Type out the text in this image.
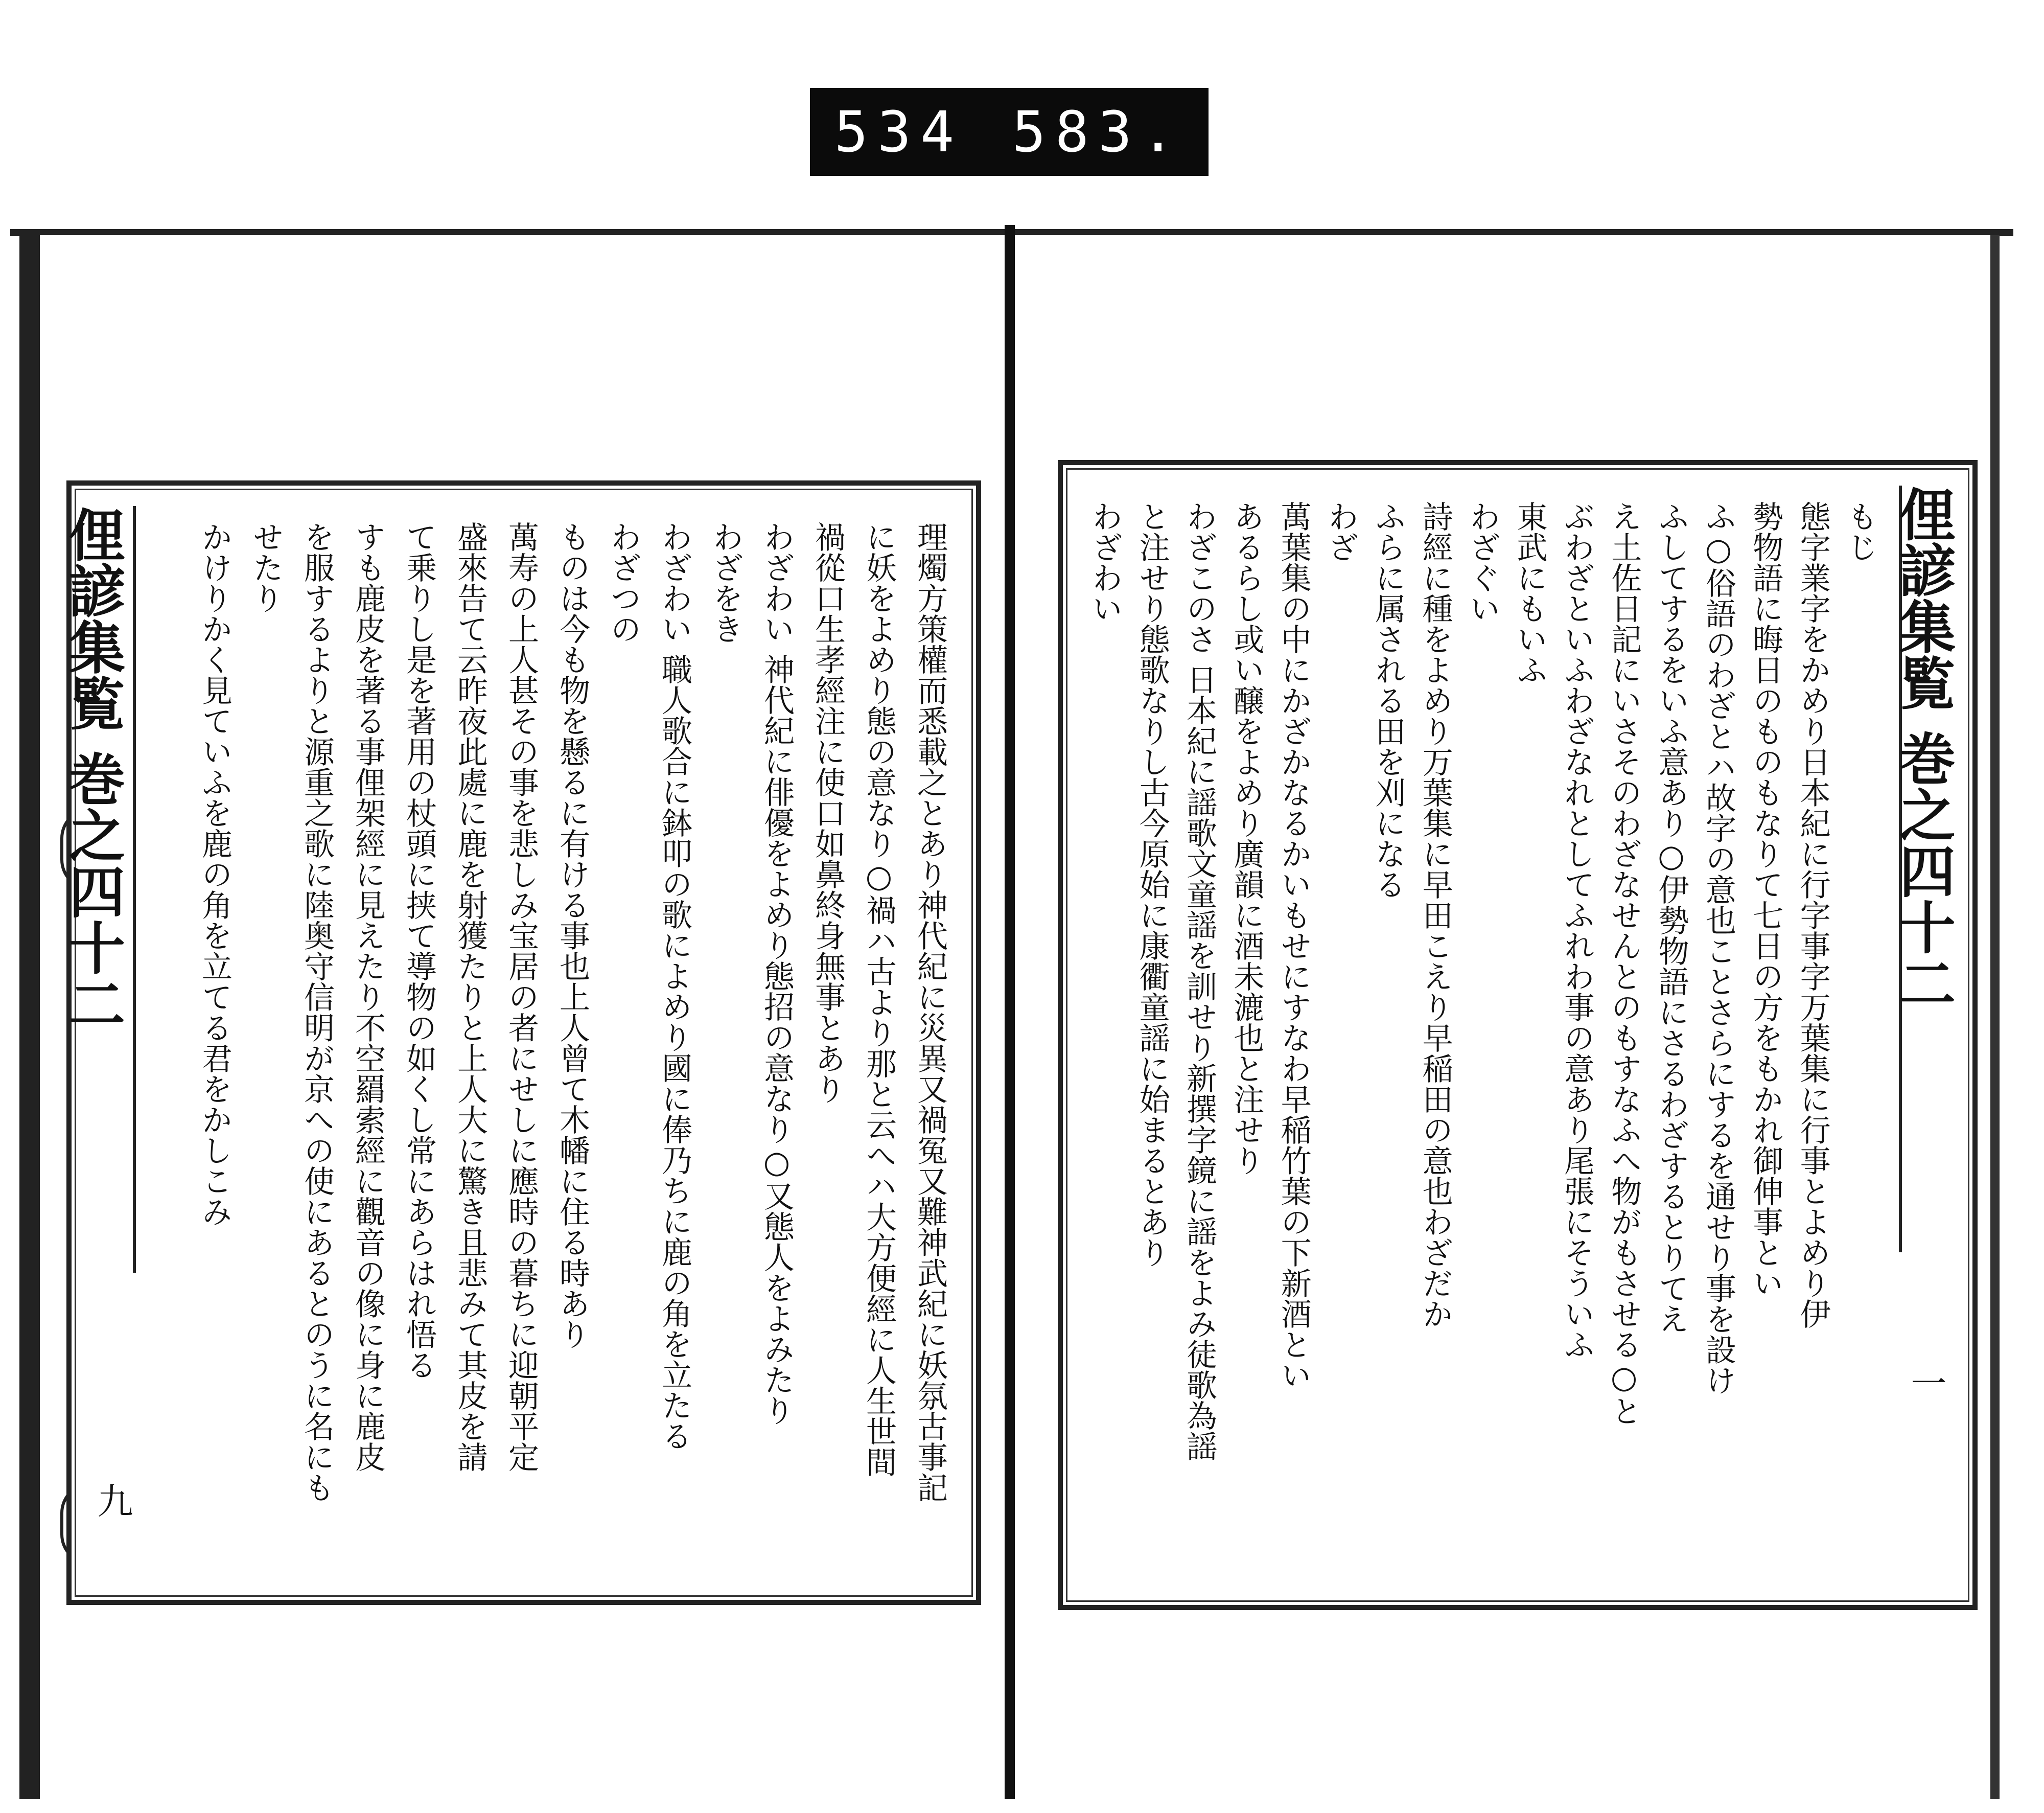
534 583.
俚諺集覧 巻之四十二
一
もじ
態字業字をかめり日本紀に行字事字万葉集に行事とよめり伊
勢物語に晦日のものもなりて七日の方をもかれ御伸事とい
ふ○俗語のわざとハ故字の意也ことさらにするを通せり事を設け
ふしてするをいふ意あり○伊勢物語にさるわざするとりてえ
え土佐日記にいさそのわざなせんとのもすなふへ物がもさせる○と
ぶわざといふわざなれとしてふれわ事の意あり尾張にそういふ
東武にもいふ
わざぐい
詩經に種をよめり万葉集に早田こえり早稲田の意也わざだか
ふらに属される田を刈になる
わざ
萬葉集の中にかざかなるかいもせにすなわ早稲竹葉の下新酒とい
あるらし或い醸をよめり廣韻に酒未漉也と注せり
わざこのさ 日本紀に謡歌文童謡を訓せり新撰字鏡に謡をよみ徒歌為謡
と注せり態歌なりし古今原始に康衢童謡に始まるとあり
わざわい
俚諺集覧 巻之四十二
九	理燭方策權而悉載之とあり神代紀に災異又禍冤又難神武紀に妖氛古事記
に妖をよめり態の意なり○禍ハ古より那と云へハ大方便經に人生世間
禍從口生孝經注に使口如鼻終身無事とあり
わざわい 神代紀に俳優をよめり態招の意なり○又態人をよみたり
わざをき
わざわい 職人歌合に鉢叩の歌によめり國に俸乃ちに鹿の角を立たる
わざつの
ものは今も物を懸るに有ける事也上人曾て木幡に住る時あり
萬寿の上人甚その事を悲しみ宝居の者にせしに應時の暮ちに迎朝平定
盛來告て云昨夜此處に鹿を射獲たりと上人大に驚き且悲みて其皮を請
て乗りし是を著用の杖頭に挟て導物の如くし常にあらはれ悟る
すも鹿皮を著る事俚架經に見えたり不空羂索經に觀音の像に身に鹿皮
を服するよりと源重之歌に陸奥守信明が京への使にあるとのうに名にも
せたり
かけりかく見ていふを鹿の角を立てる君をかしこみ
